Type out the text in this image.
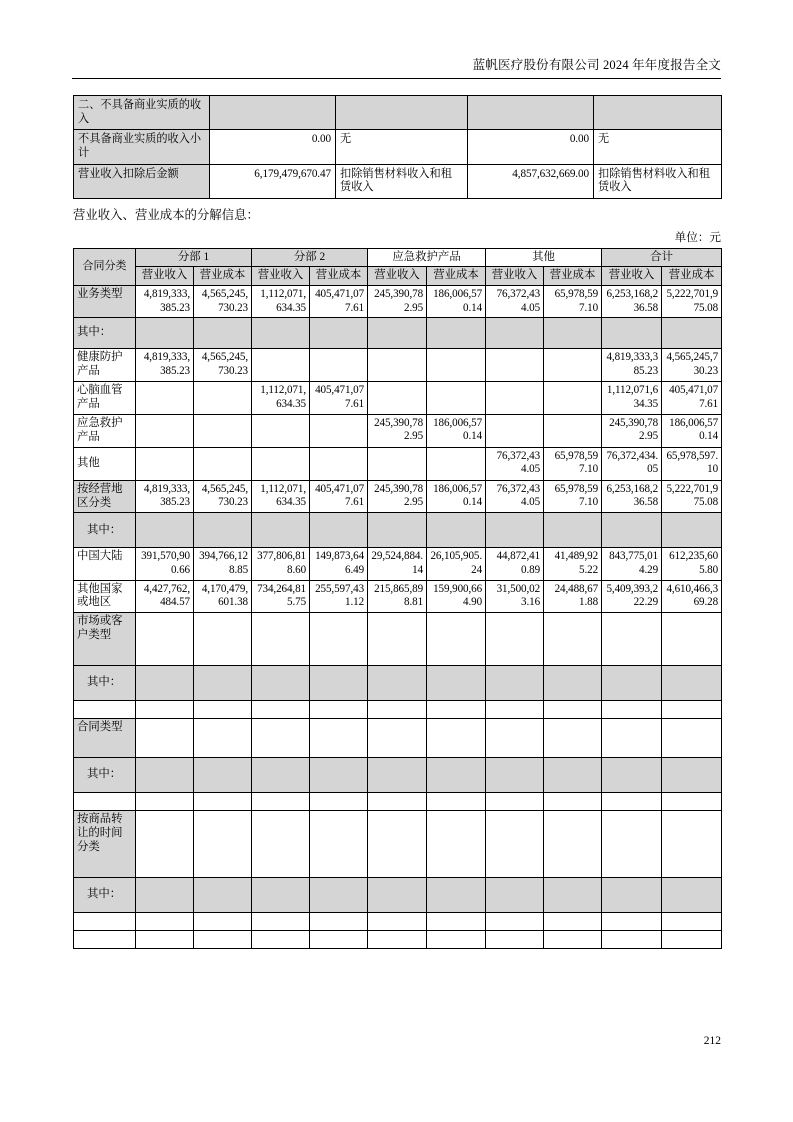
蓝帆医疗股份有限公司 2024 年年度报告全文
二、不具备商业实质的收入				
不具备商业实质的收入小计	0.00	无	0.00	无
营业收入扣除后金额	6,179,479,670.47	扣除销售材料收入和租赁收入	4,857,632,669.00	扣除销售材料收入和租赁收入
营业收入、营业成本的分解信息：
单位：元
合同分类	分部 1		分部 2		应急救护产品		其他		合计	
	营业收入	营业成本	营业收入	营业成本	营业收入	营业成本	营业收入	营业成本	营业收入	营业成本
业务类型	4,819,333,385.23	4,565,245,730.23	1,112,071,634.35	405,471,077.61	245,390,782.95	186,006,570.14	76,372,434.05	65,978,597.10	6,253,168,236.58	5,222,701,975.08
其中：										
健康防护产品	4,819,333,385.23	4,565,245,730.23							4,819,333,385.23	4,565,245,730.23
心脑血管产品			1,112,071,634.35	405,471,077.61					1,112,071,634.35	405,471,077.61
应急救护产品					245,390,782.95	186,006,570.14			245,390,782.95	186,006,570.14
其他							76,372,434.05	65,978,597.10	76,372,434.05	65,978,597.10
按经营地区分类	4,819,333,385.23	4,565,245,730.23	1,112,071,634.35	405,471,077.61	245,390,782.95	186,006,570.14	76,372,434.05	65,978,597.10	6,253,168,236.58	5,222,701,975.08
其中：										
中国大陆	391,570,900.66	394,766,128.85	377,806,818.60	149,873,646.49	29,524,884.14	26,105,905.24	44,872,410.89	41,489,925.22	843,775,014.29	612,235,605.80
其他国家或地区	4,427,762,484.57	4,170,479,601.38	734,264,815.75	255,597,431.12	215,865,898.81	159,900,664.90	31,500,023.16	24,488,671.88	5,409,393,222.29	4,610,466,369.28
市场或客户类型										
其中：										

合同类型										
其中：										

按商品转让的时间分类										
其中：										

212
